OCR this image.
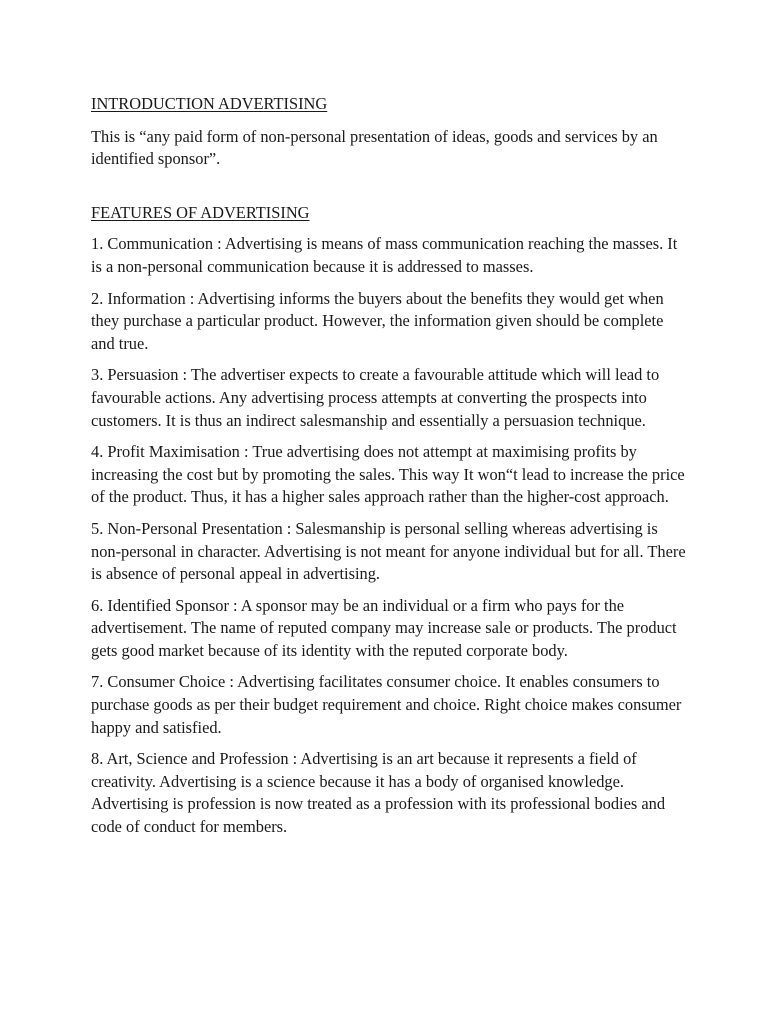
INTRODUCTION ADVERTISING

This is “any paid form of non-personal presentation of ideas, goods and services by an identified sponsor”.

FEATURES OF ADVERTISING

1. Communication : Advertising is means of mass communication reaching the masses. It is a non-personal communication because it is addressed to masses.

2. Information : Advertising informs the buyers about the benefits they would get when they purchase a particular product. However, the information given should be complete and true.

3. Persuasion : The advertiser expects to create a favourable attitude which will lead to favourable actions. Any advertising process attempts at converting the prospects into customers. It is thus an indirect salesmanship and essentially a persuasion technique.

4. Profit Maximisation : True advertising does not attempt at maximising profits by increasing the cost but by promoting the sales. This way It won“t lead to increase the price of the product. Thus, it has a higher sales approach rather than the higher-cost approach.

5. Non-Personal Presentation : Salesmanship is personal selling whereas advertising is non-personal in character. Advertising is not meant for anyone individual but for all. There is absence of personal appeal in advertising.

6. Identified Sponsor : A sponsor may be an individual or a firm who pays for the advertisement. The name of reputed company may increase sale or products. The product gets good market because of its identity with the reputed corporate body.

7. Consumer Choice : Advertising facilitates consumer choice. It enables consumers to purchase goods as per their budget requirement and choice. Right choice makes consumer happy and satisfied.

8. Art, Science and Profession : Advertising is an art because it represents a field of creativity. Advertising is a science because it has a body of organised knowledge. Advertising is profession is now treated as a profession with its professional bodies and code of conduct for members.
